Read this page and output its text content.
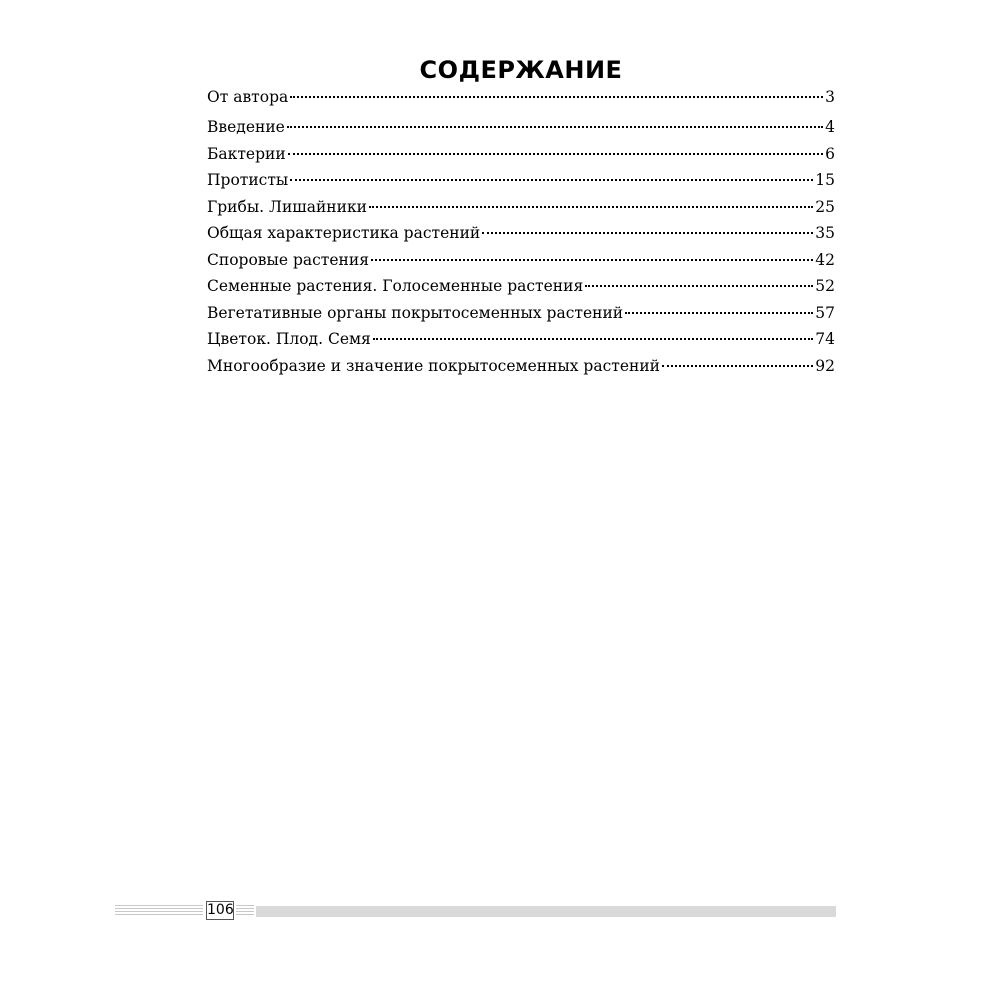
СОДЕРЖАНИЕ
От автора	3
Введение	4
Бактерии	6
Протисты	15
Грибы. Лишайники	25
Общая характеристика растений	35
Споровые растения	42
Семенные растения. Голосеменные растения	52
Вегетативные органы покрытосеменных растений	57
Цветок. Плод. Семя	74
Многообразие и значение покрытосеменных растений	92
106
